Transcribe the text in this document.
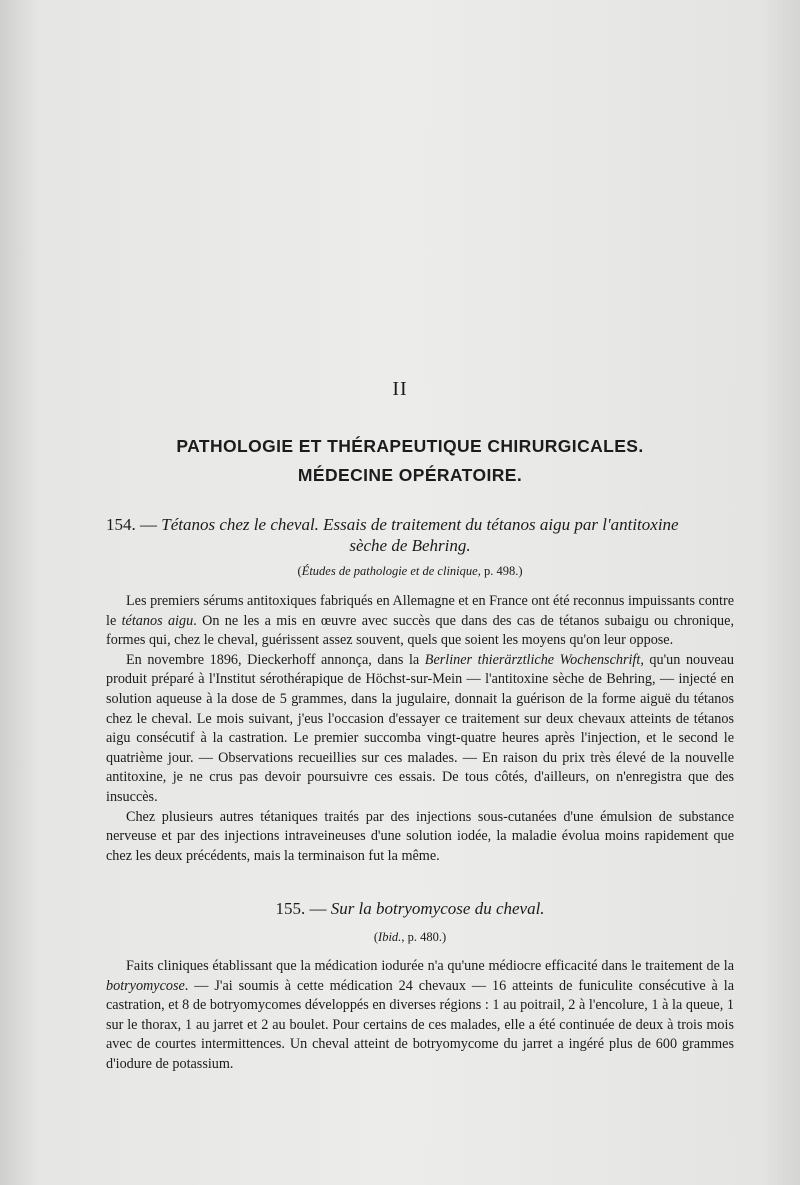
II
PATHOLOGIE ET THÉRAPEUTIQUE CHIRURGICALES.
MÉDECINE OPÉRATOIRE.
154. — Tétanos chez le cheval. Essais de traitement du tétanos aigu par l'antitoxine
sèche de Behring.
(Études de pathologie et de clinique, p. 498.)

Les premiers sérums antitoxiques fabriqués en Allemagne et en France ont été reconnus impuissants contre le tétanos aigu. On ne les a mis en œuvre avec succès que dans des cas de tétanos subaigu ou chronique, formes qui, chez le cheval, guérissent assez souvent, quels que soient les moyens qu'on leur oppose.

En novembre 1896, Dieckerhoff annonça, dans la Berliner thierärztliche Wochenschrift, qu'un nouveau produit préparé à l'Institut sérothérapique de Höchst-sur-Mein — l'antitoxine sèche de Behring, — injecté en solution aqueuse à la dose de 5 grammes, dans la jugulaire, donnait la guérison de la forme aiguë du tétanos chez le cheval. Le mois suivant, j'eus l'occasion d'essayer ce traitement sur deux chevaux atteints de tétanos aigu consécutif à la castration. Le premier succomba vingt-quatre heures après l'injection, et le second le quatrième jour. — Observations recueillies sur ces malades. — En raison du prix très élevé de la nouvelle antitoxine, je ne crus pas devoir poursuivre ces essais. De tous côtés, d'ailleurs, on n'enregistra que des insuccès.

Chez plusieurs autres tétaniques traités par des injections sous-cutanées d'une émulsion de substance nerveuse et par des injections intraveineuses d'une solution iodée, la maladie évolua moins rapidement que chez les deux précédents, mais la terminaison fut la même.

155. — Sur la botryomycose du cheval.
(Ibid., p. 480.)

Faits cliniques établissant que la médication iodurée n'a qu'une médiocre efficacité dans le traitement de la botryomycose. — J'ai soumis à cette médication 24 chevaux — 16 atteints de funiculite consécutive à la castration, et 8 de botryomycomes développés en diverses régions : 1 au poitrail, 2 à l'encolure, 1 à la queue, 1 sur le thorax, 1 au jarret et 2 au boulet. Pour certains de ces malades, elle a été continuée de deux à trois mois avec de courtes intermittences. Un cheval atteint de botryomycome du jarret a ingéré plus de 600 grammes d'iodure de potassium.
